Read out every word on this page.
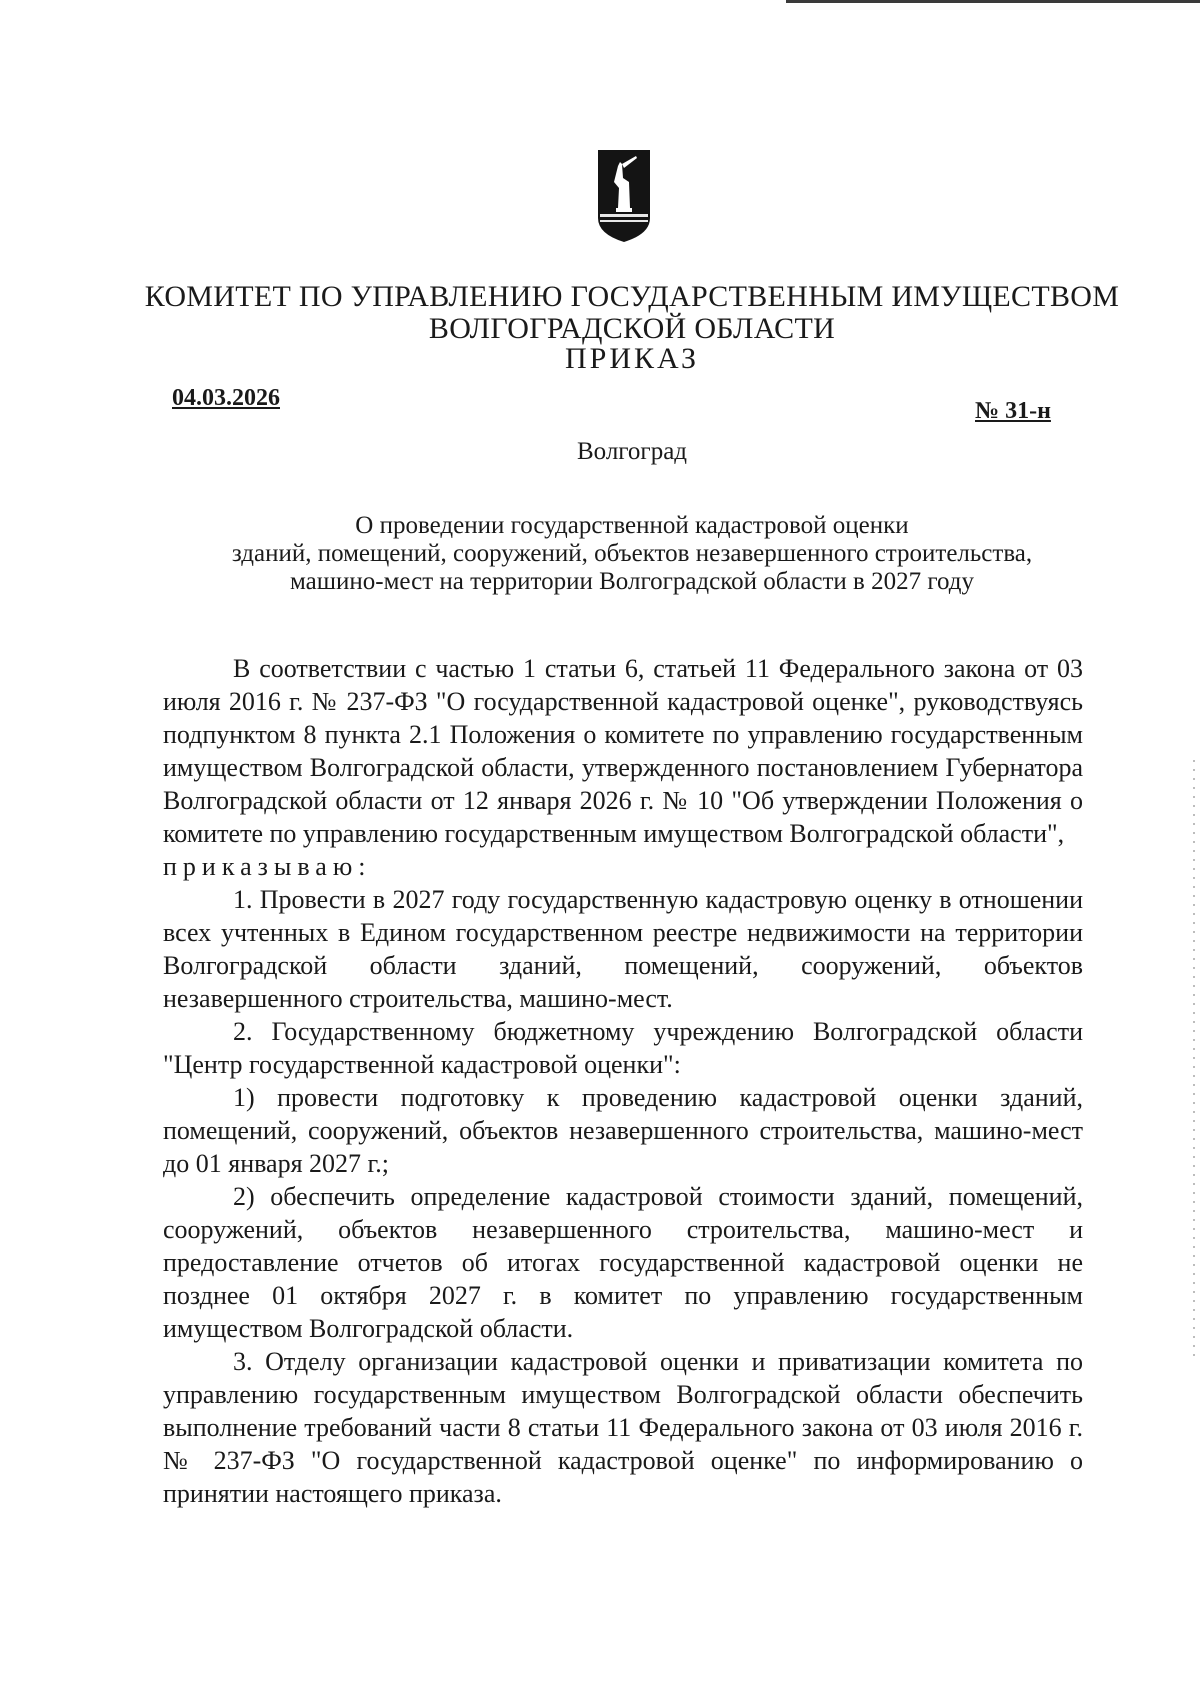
КОМИТЕТ ПО УПРАВЛЕНИЮ ГОСУДАРСТВЕННЫМ ИМУЩЕСТВОМ
ВОЛГОГРАДСКОЙ ОБЛАСТИ
ПРИКАЗ
04.03.2026	№ 31-н
Волгоград
О проведении государственной кадастровой оценки
зданий, помещений, сооружений, объектов незавершенного строительства,
машино-мест на территории Волгоградской области в 2027 году

В соответствии с частью 1 статьи 6, статьей 11 Федерального закона от 03 июля 2016 г. № 237-ФЗ "О государственной кадастровой оценке", руководствуясь подпунктом 8 пункта 2.1 Положения о комитете по управлению государственным имуществом Волгоградской области, утвержденного постановлением Губернатора Волгоградской области от 12 января 2026 г. № 10 "Об утверждении Положения о комитете по управлению государственным имуществом Волгоградской области",

приказываю:

1. Провести в 2027 году государственную кадастровую оценку в отношении всех учтенных в Едином государственном реестре недвижимости на территории Волгоградской области зданий, помещений, сооружений, объектов незавершенного строительства, машино-мест.

2. Государственному бюджетному учреждению Волгоградской области "Центр государственной кадастровой оценки":

1) провести подготовку к проведению кадастровой оценки зданий, помещений, сооружений, объектов незавершенного строительства, машино-мест до 01 января 2027 г.;

2) обеспечить определение кадастровой стоимости зданий, помещений, сооружений, объектов незавершенного строительства, машино-мест и предоставление отчетов об итогах государственной кадастровой оценки не позднее 01 октября 2027 г. в комитет по управлению государственным имуществом Волгоградской области.

3. Отделу организации кадастровой оценки и приватизации комитета по управлению государственным имуществом Волгоградской области обеспечить выполнение требований части 8 статьи 11 Федерального закона от 03 июля 2016 г. № 237-ФЗ "О государственной кадастровой оценке" по информированию о принятии настоящего приказа.
